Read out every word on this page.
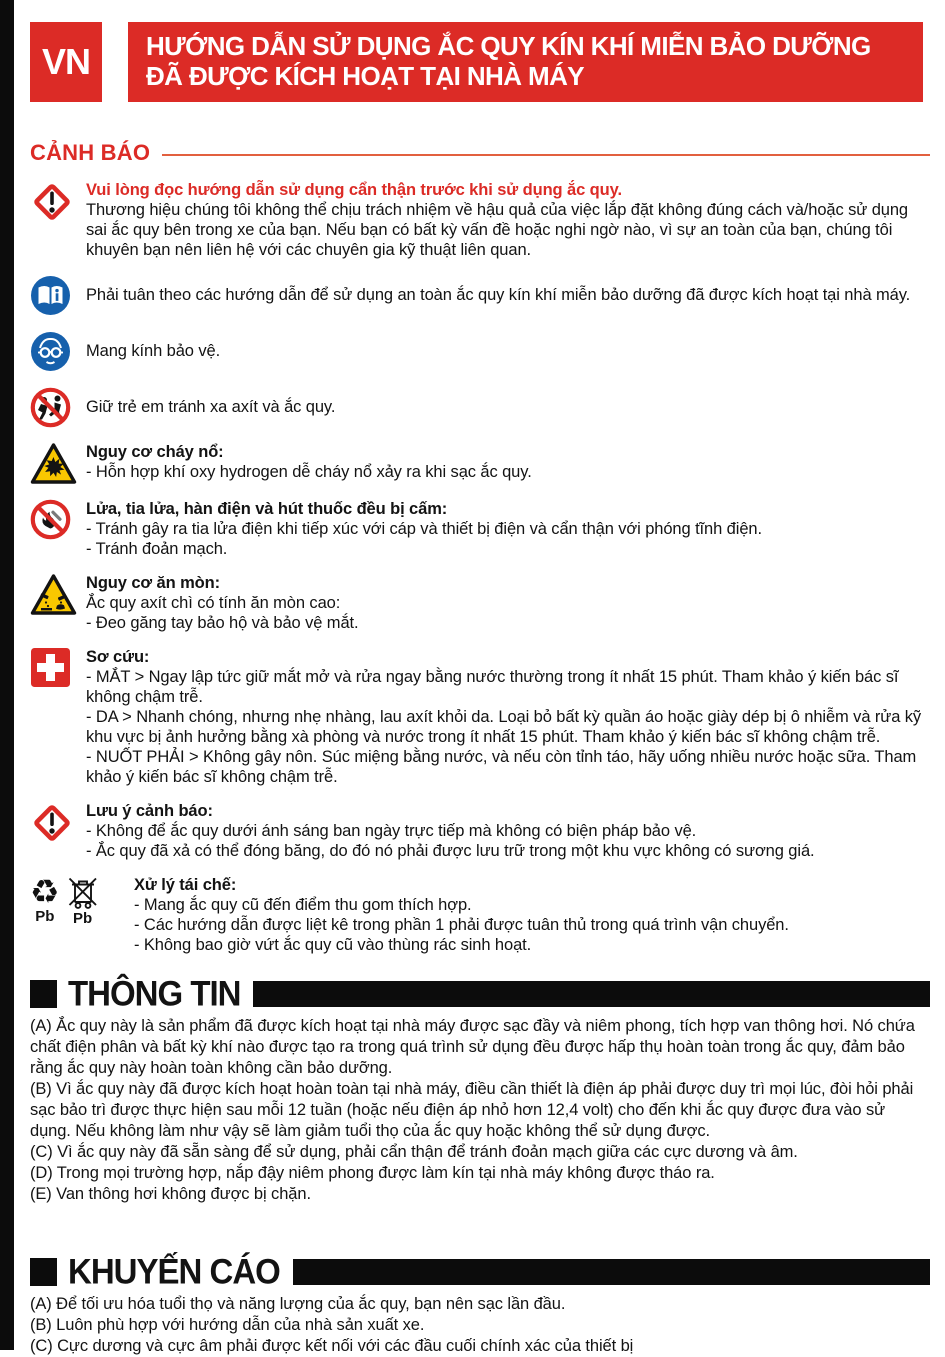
VN	HƯỚNG DẪN SỬ DỤNG ẮC QUY KÍN KHÍ MIỄN BẢO DƯỠNG
ĐÃ ĐƯỢC KÍCH HOẠT TẠI NHÀ MÁY
CẢNH BÁO
Vui lòng đọc hướng dẫn sử dụng cẩn thận trước khi sử dụng ắc quy.
Thương hiệu chúng tôi không thể chịu trách nhiệm về hậu quả của việc lắp đặt không đúng cách và/hoặc sử dụng sai ắc quy bên trong xe của bạn. Nếu bạn có bất kỳ vấn đề hoặc nghi ngờ nào, vì sự an toàn của bạn, chúng tôi khuyên bạn nên liên hệ với các chuyên gia kỹ thuật liên quan.
Phải tuân theo các hướng dẫn để sử dụng an toàn ắc quy kín khí miễn bảo dưỡng đã được kích hoạt tại nhà máy.
Mang kính bảo vệ.
Giữ trẻ em tránh xa axít và ắc quy.
Nguy cơ cháy nổ:
- Hỗn hợp khí oxy hydrogen dễ cháy nổ xảy ra khi sạc ắc quy.
Lửa, tia lửa, hàn điện và hút thuốc đều bị cấm:
- Tránh gây ra tia lửa điện khi tiếp xúc với cáp và thiết bị điện và cẩn thận với phóng tĩnh điện.
- Tránh đoản mạch.
Nguy cơ ăn mòn:
Ắc quy axít chì có tính ăn mòn cao:
- Đeo găng tay bảo hộ và bảo vệ mắt.
Sơ cứu:
- MẮT > Ngay lập tức giữ mắt mở và rửa ngay bằng nước thường trong ít nhất 15 phút. Tham khảo ý kiến bác sĩ không chậm trễ.
- DA > Nhanh chóng, nhưng nhẹ nhàng, lau axít khỏi da. Loại bỏ bất kỳ quần áo hoặc giày dép bị ô nhiễm và rửa kỹ khu vực bị ảnh hưởng bằng xà phòng và nước trong ít nhất 15 phút. Tham khảo ý kiến bác sĩ không chậm trễ.
- NUỐT PHẢI > Không gây nôn. Súc miệng bằng nước, và nếu còn tỉnh táo, hãy uống nhiều nước hoặc sữa. Tham khảo ý kiến bác sĩ không chậm trễ.
Lưu ý cảnh báo:
- Không để ắc quy dưới ánh sáng ban ngày trực tiếp mà không có biện pháp bảo vệ.
- Ắc quy đã xả có thể đóng băng, do đó nó phải được lưu trữ trong một khu vực không có sương giá.
♻
Pb Pb
Xử lý tái chế:
- Mang ắc quy cũ đến điểm thu gom thích hợp.
- Các hướng dẫn được liệt kê trong phần 1 phải được tuân thủ trong quá trình vận chuyển.
- Không bao giờ vứt ắc quy cũ vào thùng rác sinh hoạt.
THÔNG TIN

(A) Ắc quy này là sản phẩm đã được kích hoạt tại nhà máy được sạc đầy và niêm phong, tích hợp van thông hơi. Nó chứa chất điện phân và bất kỳ khí nào được tạo ra trong quá trình sử dụng đều được hấp thụ hoàn toàn trong ắc quy, đảm bảo rằng ắc quy này hoàn toàn không cần bảo dưỡng.

(B) Vì ắc quy này đã được kích hoạt hoàn toàn tại nhà máy, điều cần thiết là điện áp phải được duy trì mọi lúc, đòi hỏi phải sạc bảo trì được thực hiện sau mỗi 12 tuần (hoặc nếu điện áp nhỏ hơn 12,4 volt) cho đến khi ắc quy được đưa vào sử dụng. Nếu không làm như vậy sẽ làm giảm tuổi thọ của ắc quy hoặc không thể sử dụng được.

(C) Vì ắc quy này đã sẵn sàng để sử dụng, phải cẩn thận để tránh đoản mạch giữa các cực dương và âm.

(D) Trong mọi trường hợp, nắp đậy niêm phong được làm kín tại nhà máy không được tháo ra.

(E) Van thông hơi không được bị chặn.

KHUYẾN CÁO

(A) Để tối ưu hóa tuổi thọ và năng lượng của ắc quy, bạn nên sạc lần đầu.

(B) Luôn phù hợp với hướng dẫn của nhà sản xuất xe.

(C) Cực dương và cực âm phải được kết nối với các đầu cuối chính xác của thiết bị
